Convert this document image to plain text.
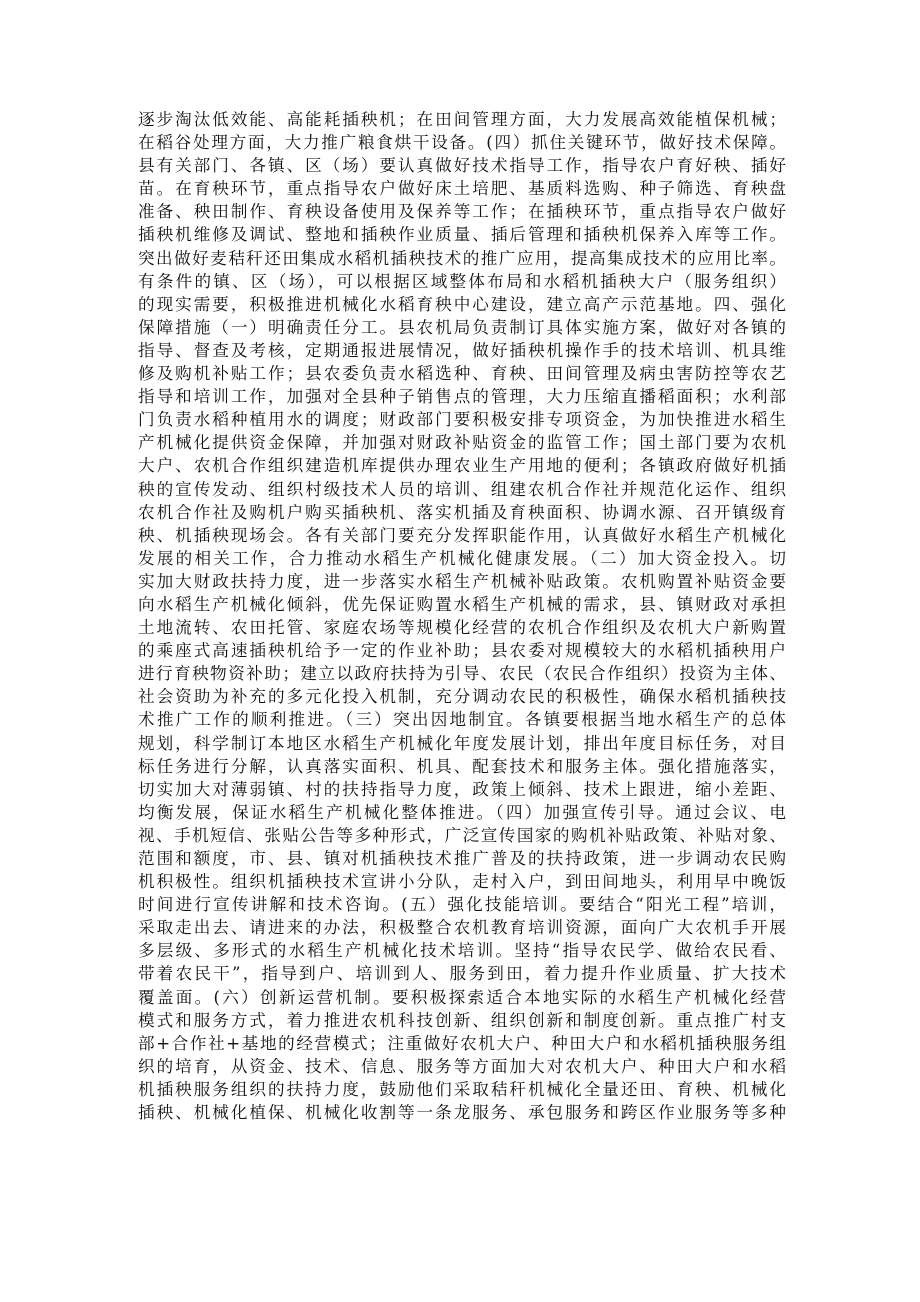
逐步淘汰低效能、高能耗插秧机；在田间管理方面，大力发展高效能植保机械；
在稻谷处理方面，大力推广粮食烘干设备。(四）抓住关键环节，做好技术保障。
县有关部门、各镇、区（场）要认真做好技术指导工作，指导农户育好秧、插好
苗。在育秧环节，重点指导农户做好床土培肥、基质料选购、种子筛选、育秧盘
准备、秧田制作、育秧设备使用及保养等工作；在插秧环节，重点指导农户做好
插秧机维修及调试、整地和插秧作业质量、插后管理和插秧机保养入库等工作。
突出做好麦秸秆还田集成水稻机插秧技术的推广应用，提高集成技术的应用比率。
有条件的镇、区（场），可以根据区域整体布局和水稻机插秧大户（服务组织）
的现实需要，积极推进机械化水稻育秧中心建设，建立高产示范基地。四、强化
保障措施（一）明确责任分工。县农机局负责制订具体实施方案，做好对各镇的
指导、督查及考核，定期通报进展情况，做好插秧机操作手的技术培训、机具维
修及购机补贴工作；县农委负责水稻选种、育秧、田间管理及病虫害防控等农艺
指导和培训工作，加强对全县种子销售点的管理，大力压缩直播稻面积；水利部
门负责水稻种植用水的调度；财政部门要积极安排专项资金，为加快推进水稻生
产机械化提供资金保障，并加强对财政补贴资金的监管工作；国土部门要为农机
大户、农机合作组织建造机库提供办理农业生产用地的便利；各镇政府做好机插
秧的宣传发动、组织村级技术人员的培训、组建农机合作社并规范化运作、组织
农机合作社及购机户购买插秧机、落实机插及育秧面积、协调水源、召开镇级育
秧、机插秧现场会。各有关部门要充分发挥职能作用，认真做好水稻生产机械化
发展的相关工作，合力推动水稻生产机械化健康发展。（二）加大资金投入。切
实加大财政扶持力度，进一步落实水稻生产机械补贴政策。农机购置补贴资金要
向水稻生产机械化倾斜，优先保证购置水稻生产机械的需求，县、镇财政对承担
土地流转、农田托管、家庭农场等规模化经营的农机合作组织及农机大户新购置
的乘座式高速插秧机给予一定的作业补助；县农委对规模较大的水稻机插秧用户
进行育秧物资补助；建立以政府扶持为引导、农民（农民合作组织）投资为主体、
社会资助为补充的多元化投入机制，充分调动农民的积极性，确保水稻机插秧技
术推广工作的顺利推进。（三）突出因地制宜。各镇要根据当地水稻生产的总体
规划，科学制订本地区水稻生产机械化年度发展计划，排出年度目标任务，对目
标任务进行分解，认真落实面积、机具、配套技术和服务主体。强化措施落实，
切实加大对薄弱镇、村的扶持指导力度，政策上倾斜、技术上跟进，缩小差距、
均衡发展，保证水稻生产机械化整体推进。（四）加强宣传引导。通过会议、电
视、手机短信、张贴公告等多种形式，广泛宣传国家的购机补贴政策、补贴对象、
范围和额度，市、县、镇对机插秧技术推广普及的扶持政策，进一步调动农民购
机积极性。组织机插秧技术宣讲小分队，走村入户，到田间地头，利用早中晚饭
时间进行宣传讲解和技术咨询。(五）强化技能培训。要结合“阳光工程”培训，
采取走出去、请进来的办法，积极整合农机教育培训资源，面向广大农机手开展
多层级、多形式的水稻生产机械化技术培训。坚持“指导农民学、做给农民看、
带着农民干”，指导到户、培训到人、服务到田，着力提升作业质量、扩大技术
覆盖面。(六）创新运营机制。要积极探索适合本地实际的水稻生产机械化经营
模式和服务方式，着力推进农机科技创新、组织创新和制度创新。重点推广村支
部+合作社+基地的经营模式；注重做好农机大户、种田大户和水稻机插秧服务组
织的培育，从资金、技术、信息、服务等方面加大对农机大户、种田大户和水稻
机插秧服务组织的扶持力度，鼓励他们采取秸秆机械化全量还田、育秧、机械化
插秧、机械化植保、机械化收割等一条龙服务、承包服务和跨区作业服务等多种
